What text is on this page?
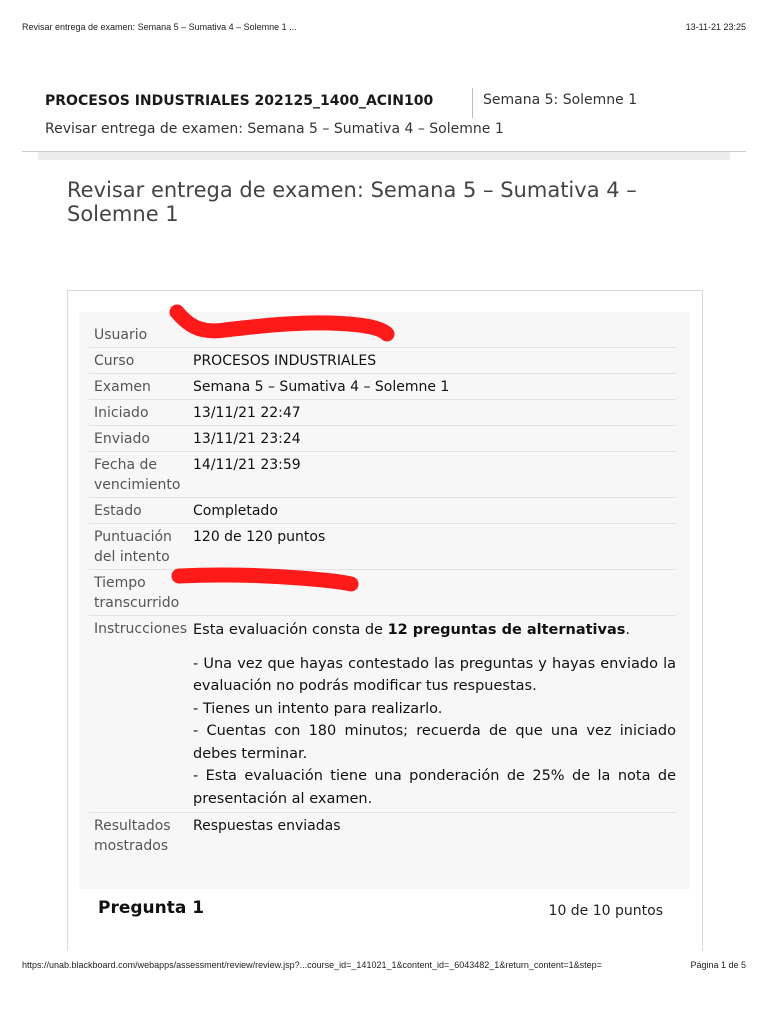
Revisar entrega de examen: Semana 5 – Sumativa 4 – Solemne 1 ...	13-11-21 23:25
PROCESOS INDUSTRIALES 202125_1400_ACIN100	Semana 5: Solemne 1
Revisar entrega de examen: Semana 5 – Sumativa 4 – Solemne 1
Revisar entrega de examen: Semana 5 – Sumativa 4 – Solemne 1
Usuario	
Curso	PROCESOS INDUSTRIALES
Examen	Semana 5 – Sumativa 4 – Solemne 1
Iniciado	13/11/21 22:47
Enviado	13/11/21 23:24
Fecha de vencimiento	14/11/21 23:59
Estado	Completado
Puntuación del intento	120 de 120 puntos
Tiempo transcurrido	
Instrucciones	Esta evaluación consta de 12 preguntas de alternativas.

- Una vez que hayas contestado las preguntas y hayas enviado la evaluación no podrás modificar tus respuestas.

- Tienes un intento para realizarlo.

- Cuentas con 180 minutos; recuerda de que una vez iniciado debes terminar.

- Esta evaluación tiene una ponderación de 25% de la nota de presentación al examen.

Resultados mostrados	Respuestas enviadas
Pregunta 1	10 de 10 puntos
https://unab.blackboard.com/webapps/assessment/review/review.jsp?...course_id=_141021_1&content_id=_6043482_1&return_content=1&step=	Página 1 de 5
